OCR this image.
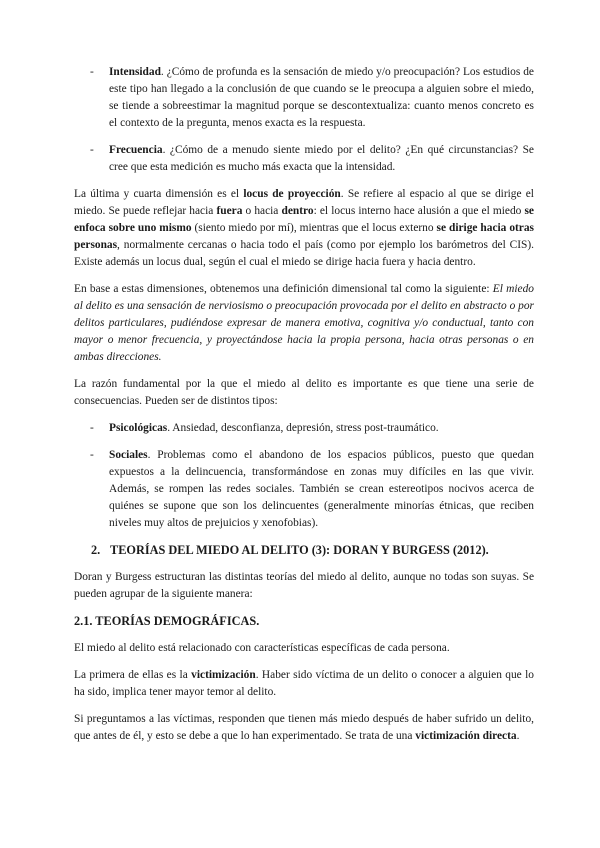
- Intensidad. ¿Cómo de profunda es la sensación de miedo y/o preocupación? Los estudios de este tipo han llegado a la conclusión de que cuando se le preocupa a alguien sobre el miedo, se tiende a sobreestimar la magnitud porque se descontextualiza: cuanto menos concreto es el contexto de la pregunta, menos exacta es la respuesta.
- Frecuencia. ¿Cómo de a menudo siente miedo por el delito? ¿En qué circunstancias? Se cree que esta medición es mucho más exacta que la intensidad.

La última y cuarta dimensión es el locus de proyección. Se refiere al espacio al que se dirige el miedo. Se puede reflejar hacia fuera o hacia dentro: el locus interno hace alusión a que el miedo se enfoca sobre uno mismo (siento miedo por mí), mientras que el locus externo se dirige hacia otras personas, normalmente cercanas o hacia todo el país (como por ejemplo los barómetros del CIS). Existe además un locus dual, según el cual el miedo se dirige hacia fuera y hacia dentro.

En base a estas dimensiones, obtenemos una definición dimensional tal como la siguiente: El miedo al delito es una sensación de nerviosismo o preocupación provocada por el delito en abstracto o por delitos particulares, pudiéndose expresar de manera emotiva, cognitiva y/o conductual, tanto con mayor o menor frecuencia, y proyectándose hacia la propia persona, hacia otras personas o en ambas direcciones.

La razón fundamental por la que el miedo al delito es importante es que tiene una serie de consecuencias. Pueden ser de distintos tipos:

- Psicológicas. Ansiedad, desconfianza, depresión, stress post-traumático.
- Sociales. Problemas como el abandono de los espacios públicos, puesto que quedan expuestos a la delincuencia, transformándose en zonas muy difíciles en las que vivir. Además, se rompen las redes sociales. También se crean estereotipos nocivos acerca de quiénes se supone que son los delincuentes (generalmente minorías étnicas, que reciben niveles muy altos de prejuicios y xenofobias).
2. TEORÍAS DEL MIEDO AL DELITO (3): DORAN Y BURGESS (2012).

Doran y Burgess estructuran las distintas teorías del miedo al delito, aunque no todas son suyas. Se pueden agrupar de la siguiente manera:

2.1. TEORÍAS DEMOGRÁFICAS.

El miedo al delito está relacionado con características específicas de cada persona.

La primera de ellas es la victimización. Haber sido víctima de un delito o conocer a alguien que lo ha sido, implica tener mayor temor al delito.

Si preguntamos a las víctimas, responden que tienen más miedo después de haber sufrido un delito, que antes de él, y esto se debe a que lo han experimentado. Se trata de una victimización directa.
